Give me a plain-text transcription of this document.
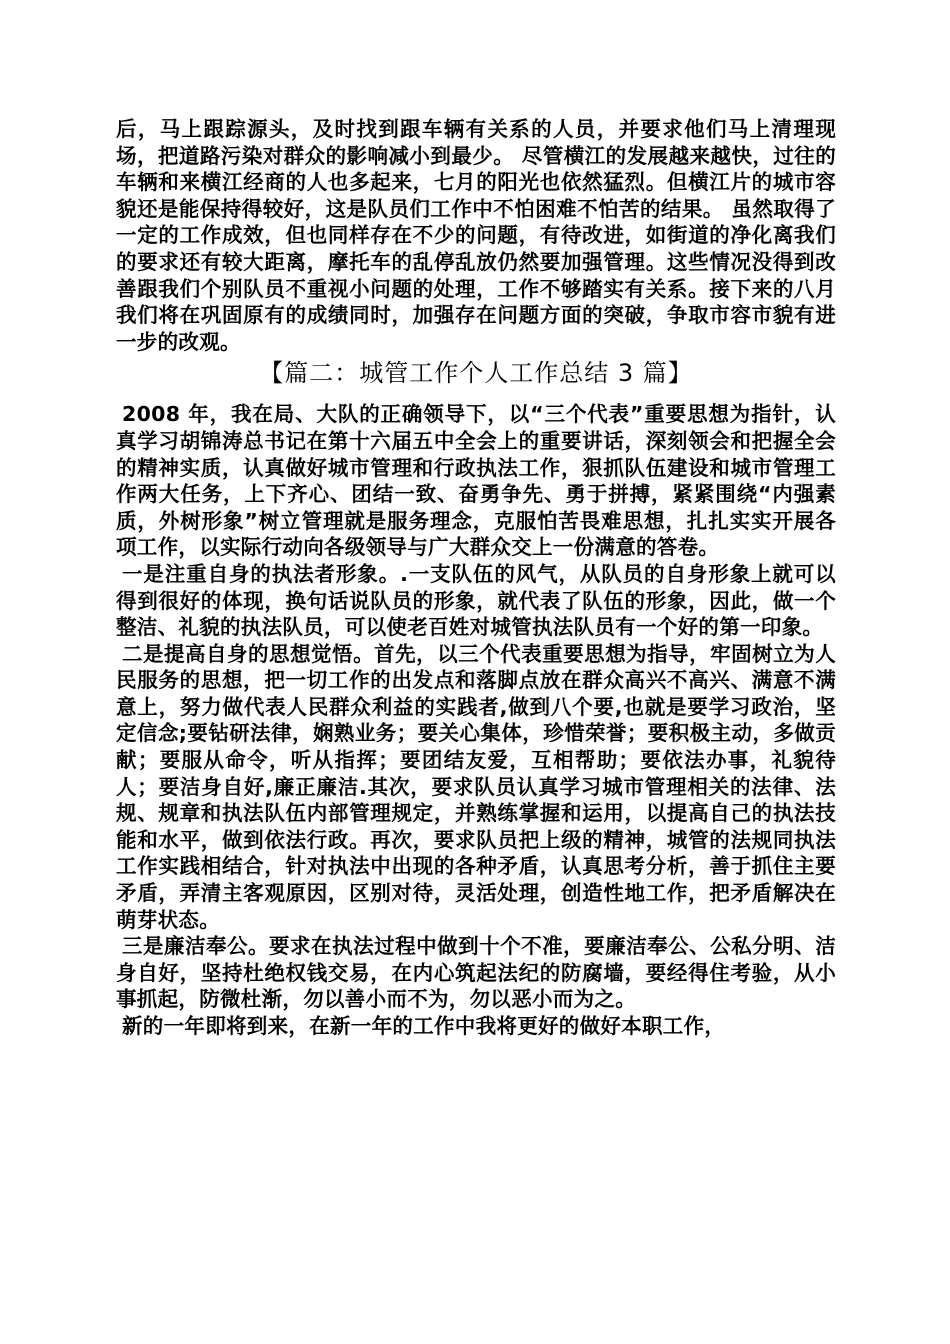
后，马上跟踪源头，及时找到跟车辆有关系的人员，并要求他们马上清理现场，把道路污染对群众的影响减小到最少。 尽管横江的发展越来越快，过往的车辆和来横江经商的人也多起来，七月的阳光也依然猛烈。但横江片的城市容貌还是能保持得较好，这是队员们工作中不怕困难不怕苦的结果。 虽然取得了一定的工作成效，但也同样存在不少的问题，有待改进，如街道的净化离我们的要求还有较大距离，摩托车的乱停乱放仍然要加强管理。这些情况没得到改善跟我们个别队员不重视小问题的处理，工作不够踏实有关系。接下来的八月我们将在巩固原有的成绩同时，加强存在问题方面的突破，争取市容市貌有进一步的改观。

【篇二：城管工作个人工作总结 3 篇】

2008 年，我在局、大队的正确领导下，以“三个代表”重要思想为指针，认真学习胡锦涛总书记在第十六届五中全会上的重要讲话，深刻领会和把握全会的精神实质，认真做好城市管理和行政执法工作，狠抓队伍建设和城市管理工作两大任务，上下齐心、团结一致、奋勇争先、勇于拼搏，紧紧围绕“内强素质，外树形象”树立管理就是服务理念，克服怕苦畏难思想，扎扎实实开展各项工作，以实际行动向各级领导与广大群众交上一份满意的答卷。

一是注重自身的执法者形象。.一支队伍的风气，从队员的自身形象上就可以得到很好的体现，换句话说队员的形象，就代表了队伍的形象，因此，做一个整洁、礼貌的执法队员，可以使老百姓对城管执法队员有一个好的第一印象。

二是提高自身的思想觉悟。首先，以三个代表重要思想为指导，牢固树立为人民服务的思想，把一切工作的出发点和落脚点放在群众高兴不高兴、满意不满意上，努力做代表人民群众利益的实践者,做到八个要,也就是要学习政治，坚定信念;要钻研法律，娴熟业务；要关心集体，珍惜荣誉；要积极主动，多做贡献；要服从命令，听从指挥；要团结友爱，互相帮助；要依法办事，礼貌待人；要洁身自好,廉正廉洁.其次，要求队员认真学习城市管理相关的法律、法规、规章和执法队伍内部管理规定，并熟练掌握和运用，以提高自己的执法技能和水平，做到依法行政。再次，要求队员把上级的精神，城管的法规同执法工作实践相结合，针对执法中出现的各种矛盾，认真思考分析，善于抓住主要矛盾，弄清主客观原因，区别对待，灵活处理，创造性地工作，把矛盾解决在萌芽状态。

三是廉洁奉公。要求在执法过程中做到十个不准，要廉洁奉公、公私分明、洁身自好，坚持杜绝权钱交易，在内心筑起法纪的防腐墙，要经得住考验，从小事抓起，防微杜渐，勿以善小而不为，勿以恶小而为之。

新的一年即将到来，在新一年的工作中我将更好的做好本职工作，
